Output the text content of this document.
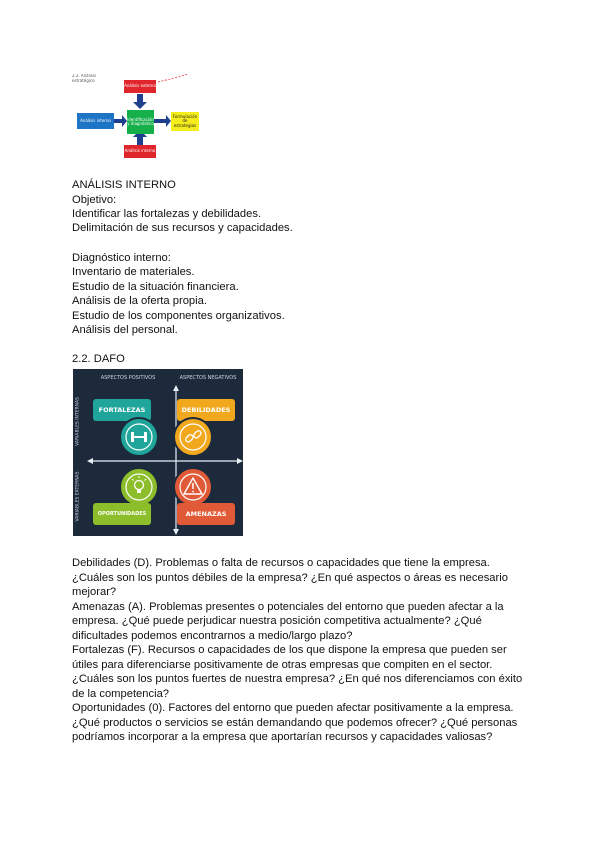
2.2. Análisis estratégico
Análisis externo
Identificación y diagnóstico
Análisis interno
Formulación de estrategias
Análisis interno
ANÁLISIS INTERNO
Objetivo:
Identificar las fortalezas y debilidades.
Delimitación de sus recursos y capacidades.
Diagnóstico interno:
Inventario de materiales.
Estudio de la situación financiera.
Análisis de la oferta propia.
Estudio de los componentes organizativos.
Análisis del personal.
2.2. DAFO
ASPECTOS POSITIVOS	ASPECTOS NEGATIVOS
VARIABLES INTERNAS
VARIABLES EXTERNAS
FORTALEZAS	DEBILIDADES
OPORTUNIDADES	AMENAZAS
Debilidades (D). Problemas o falta de recursos o capacidades que tiene la empresa.
¿Cuáles son los puntos débiles de la empresa? ¿En qué aspectos o áreas es necesario
mejorar?
Amenazas (A). Problemas presentes o potenciales del entorno que pueden afectar a la
empresa. ¿Qué puede perjudicar nuestra posición competitiva actualmente? ¿Qué
dificultades podemos encontrarnos a medio/largo plazo?
Fortalezas (F). Recursos o capacidades de los que dispone la empresa que pueden ser
útiles para diferenciarse positivamente de otras empresas que compiten en el sector.
¿Cuáles son los puntos fuertes de nuestra empresa? ¿En qué nos diferenciamos con éxito
de la competencia?
Oportunidades (0). Factores del entorno que pueden afectar positivamente a la empresa.
¿Qué productos o servicios se están demandando que podemos ofrecer? ¿Qué personas
podríamos incorporar a la empresa que aportarían recursos y capacidades valiosas?
